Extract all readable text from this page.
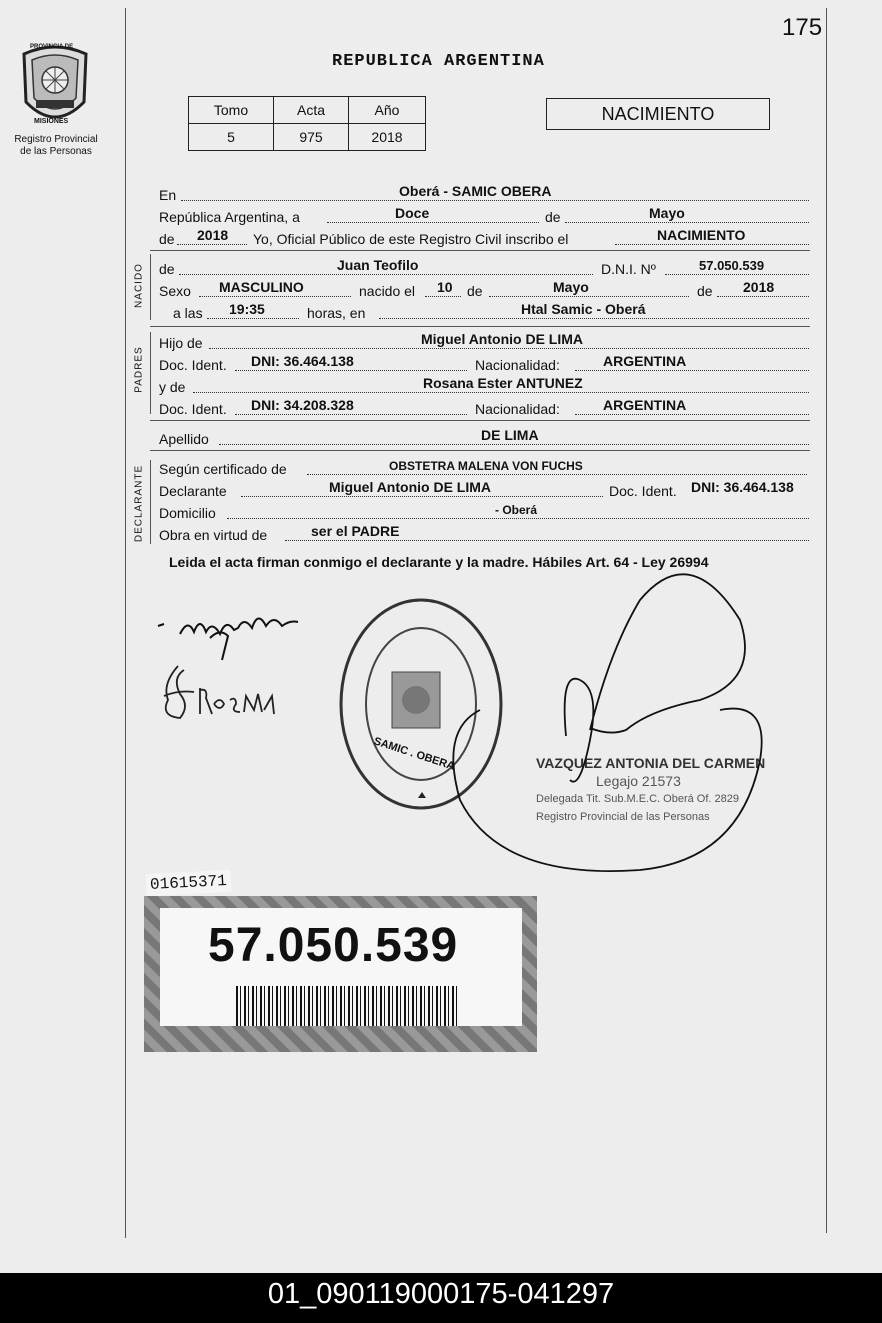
175
REPUBLICA ARGENTINA
PROVINCIA DE
MISIONES
Registro Provincial
de las Personas
Tomo	Acta	Año
5	975	2018
NACIMIENTO
En	Oberá - SAMIC OBERA
República Argentina, a	Doce	de	Mayo
de 2018 Yo, Oficial Público de este Registro Civil inscribo el	NACIMIENTO
NACIDO de	Juan Teofilo	D.N.I. Nº	57.050.539
Sexo MASCULINO	nacido el 10 de	Mayo	de 2018
a las 19:35	horas, en	Htal Samic - Oberá
PADRES
Hijo de	Miguel Antonio DE LIMA
Doc. Ident. DNI: 36.464.138	Nacionalidad:	ARGENTINA
y de	Rosana Ester ANTUNEZ
Doc. Ident. DNI: 34.208.328	Nacionalidad:	ARGENTINA
Apellido	DE LIMA
DECLARANTE Según certificado de	OBSTETRA MALENA VON FUCHS
Declarante	Miguel Antonio DE LIMA	Doc. Ident. DNI: 36.464.138
Domicilio	- Oberá
Obra en virtud de	ser el PADRE
Leida el acta firman conmigo el declarante y la madre. Hábiles Art. 64 - Ley 26994
SAMIC . OBERA	VAZQUEZ ANTONIA DEL CARMEN
Legajo 21573
Delegada Tit. Sub.M.E.C. Oberá Of. 2829
Registro Provincial de las Personas
01615371
57.050.539
01_090119000175-041297
